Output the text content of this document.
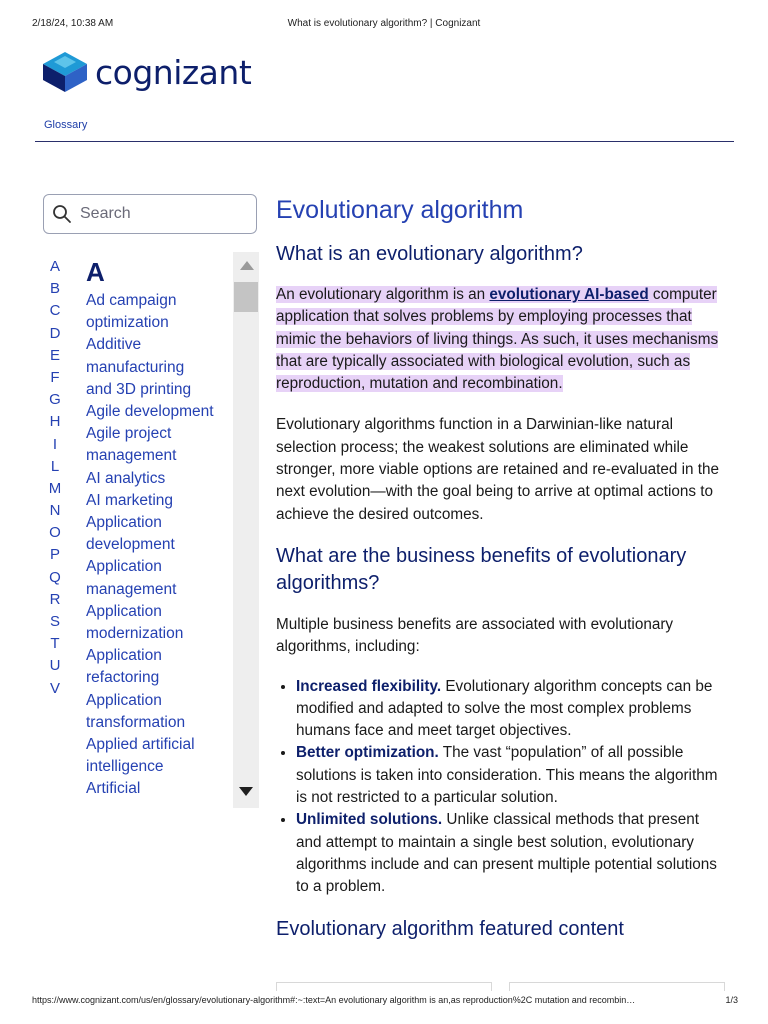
2/18/24, 10:38 AM	What is evolutionary algorithm? | Cognizant
cognizant
Glossary
Search
A
B
C
D
E
F
G
H
I
L
M
N
O
P
Q
R
S
T
U
V
A
Ad campaign
optimization
Additive
manufacturing
and 3D printing
Agile development
Agile project
management
AI analytics
AI marketing
Application
development
Application
management
Application
modernization
Application
refactoring
Application
transformation
Applied artificial
intelligence
Artificial
Evolutionary algorithm
What is an evolutionary algorithm?

An evolutionary algorithm is an evolutionary AI-based computer application that solves problems by employing processes that mimic the behaviors of living things. As such, it uses mechanisms that are typically associated with biological evolution, such as reproduction, mutation and recombination.

Evolutionary algorithms function in a Darwinian-like natural selection process; the weakest solutions are eliminated while stronger, more viable options are retained and re-evaluated in the next evolution—with the goal being to arrive at optimal actions to achieve the desired outcomes.

What are the business benefits of evolutionary algorithms?

Multiple business benefits are associated with evolutionary algorithms, including:

• Increased flexibility. Evolutionary algorithm concepts can be modified and adapted to solve the most complex problems humans face and meet target objectives.
• Better optimization. The vast “population” of all possible solutions is taken into consideration. This means the algorithm is not restricted to a particular solution.
• Unlimited solutions. Unlike classical methods that present and attempt to maintain a single best solution, evolutionary algorithms include and can present multiple potential solutions to a problem.
Evolutionary algorithm featured content
https://www.cognizant.com/us/en/glossary/evolutionary-algorithm#:~:text=An evolutionary algorithm is an,as reproduction%2C mutation and recombin…	1/3
